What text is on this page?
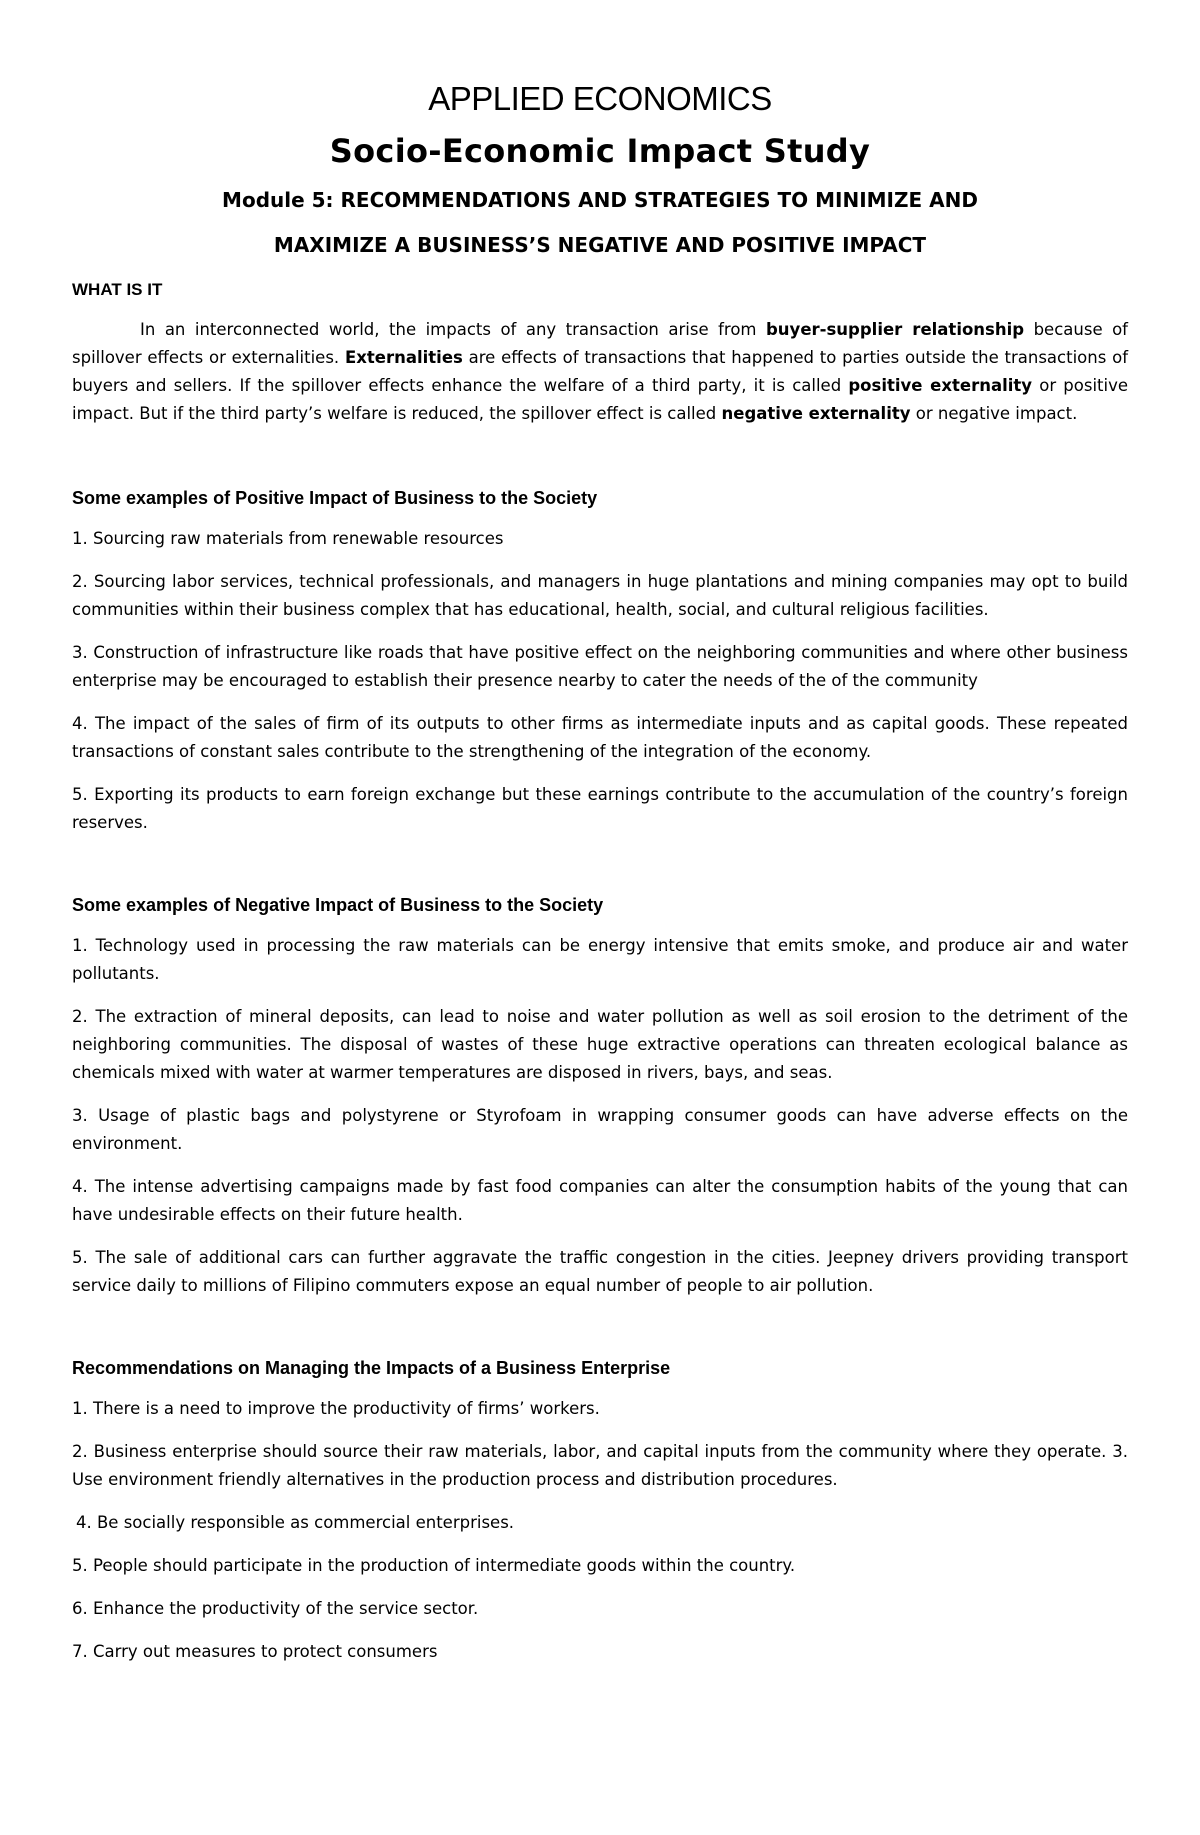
APPLIED ECONOMICS
Socio-Economic Impact Study
Module 5: RECOMMENDATIONS AND STRATEGIES TO MINIMIZE AND
MAXIMIZE A BUSINESS’S NEGATIVE AND POSITIVE IMPACT
WHAT IS IT

In an interconnected world, the impacts of any transaction arise from buyer-supplier relationship because of spillover effects or externalities. Externalities are effects of transactions that happened to parties outside the transactions of buyers and sellers. If the spillover effects enhance the welfare of a third party, it is called positive externality or positive impact. But if the third party’s welfare is reduced, the spillover effect is called negative externality or negative impact.

Some examples of Positive Impact of Business to the Society

1. Sourcing raw materials from renewable resources

2. Sourcing labor services, technical professionals, and managers in huge plantations and mining companies may opt to build communities within their business complex that has educational, health, social, and cultural religious facilities.

3. Construction of infrastructure like roads that have positive effect on the neighboring communities and where other business enterprise may be encouraged to establish their presence nearby to cater the needs of the of the community

4. The impact of the sales of firm of its outputs to other firms as intermediate inputs and as capital goods. These repeated transactions of constant sales contribute to the strengthening of the integration of the economy.

5. Exporting its products to earn foreign exchange but these earnings contribute to the accumulation of the country’s foreign reserves.

Some examples of Negative Impact of Business to the Society

1. Technology used in processing the raw materials can be energy intensive that emits smoke, and produce air and water pollutants.

2. The extraction of mineral deposits, can lead to noise and water pollution as well as soil erosion to the detriment of the neighboring communities. The disposal of wastes of these huge extractive operations can threaten ecological balance as chemicals mixed with water at warmer temperatures are disposed in rivers, bays, and seas.

3. Usage of plastic bags and polystyrene or Styrofoam in wrapping consumer goods can have adverse effects on the environment.

4. The intense advertising campaigns made by fast food companies can alter the consumption habits of the young that can have undesirable effects on their future health.

5. The sale of additional cars can further aggravate the traffic congestion in the cities. Jeepney drivers providing transport service daily to millions of Filipino commuters expose an equal number of people to air pollution.

Recommendations on Managing the Impacts of a Business Enterprise

1. There is a need to improve the productivity of firms’ workers.

2. Business enterprise should source their raw materials, labor, and capital inputs from the community where they operate. 3. Use environment friendly alternatives in the production process and distribution procedures.

4. Be socially responsible as commercial enterprises.

5. People should participate in the production of intermediate goods within the country.

6. Enhance the productivity of the service sector.

7. Carry out measures to protect consumers
